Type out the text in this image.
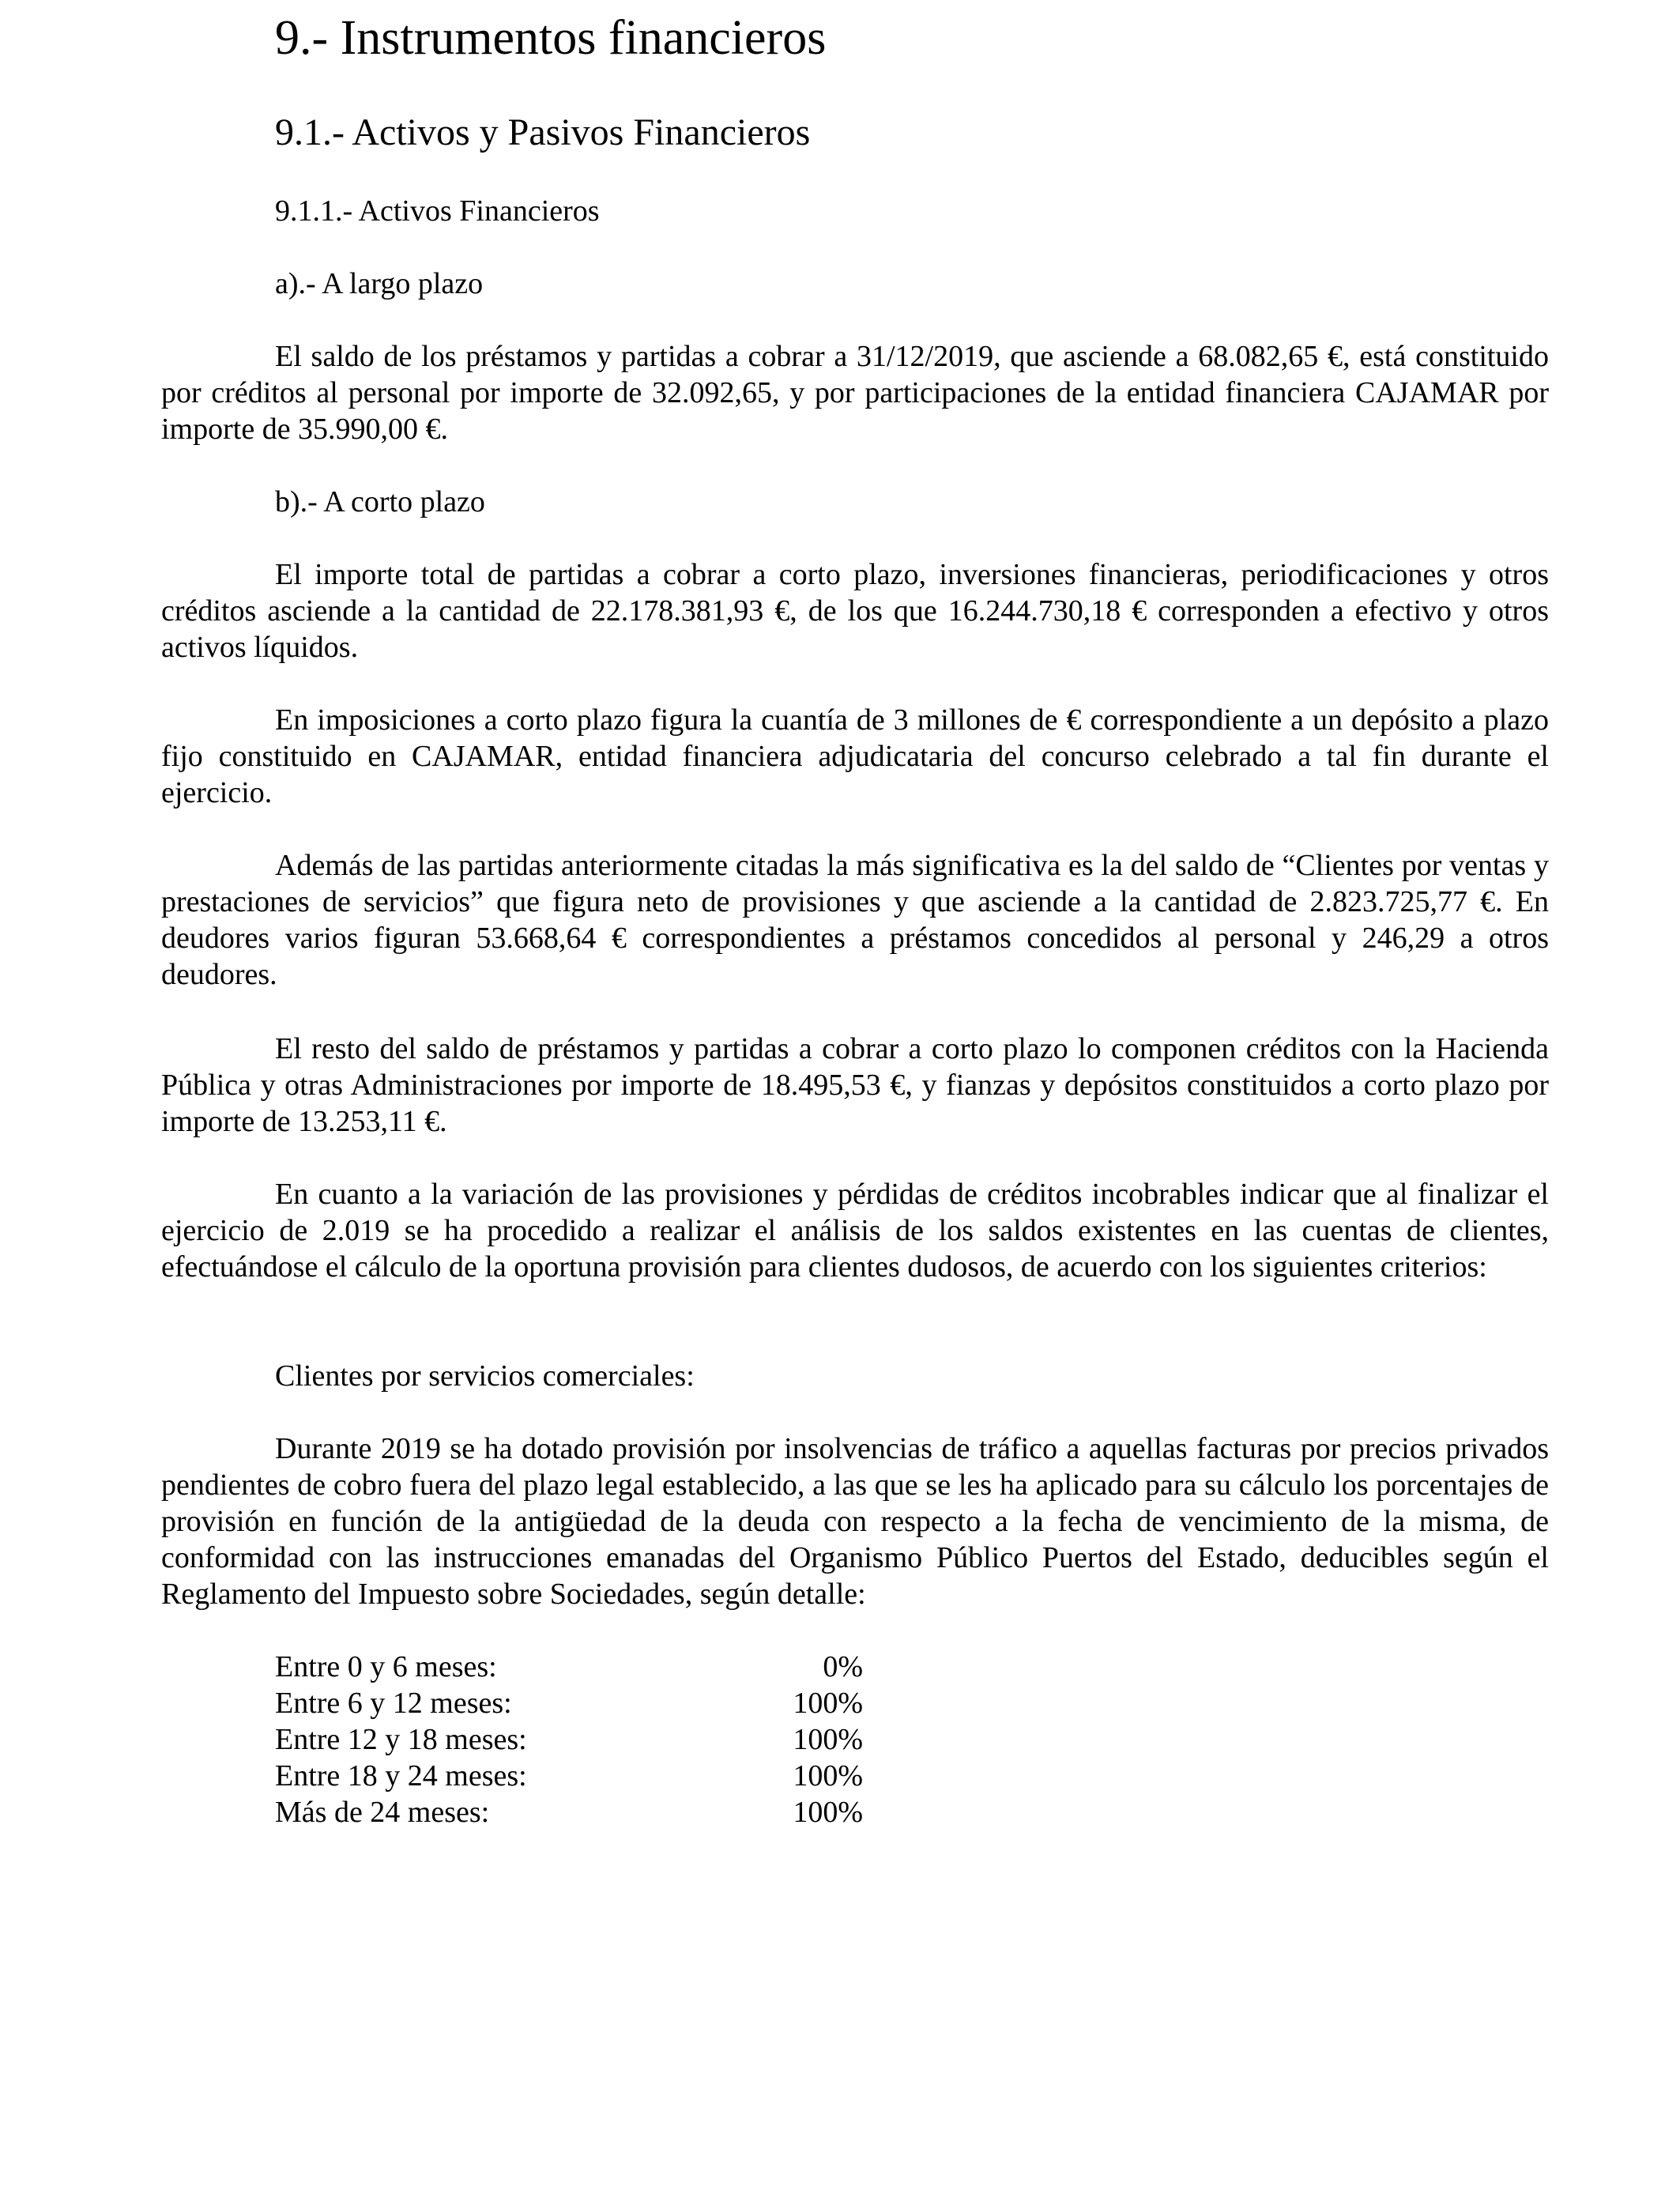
9.- Instrumentos financieros
9.1.- Activos y Pasivos Financieros

9.1.1.- Activos Financieros

a).- A largo plazo

El saldo de los préstamos y partidas a cobrar a 31/12/2019, que asciende a 68.082,65 €, está constituido por créditos al personal por importe de 32.092,65, y por participaciones de la entidad financiera CAJAMAR por importe de 35.990,00 €.

b).- A corto plazo

El importe total de partidas a cobrar a corto plazo, inversiones financieras, periodificaciones y otros créditos asciende a la cantidad de 22.178.381,93 €, de los que 16.244.730,18 € corresponden a efectivo y otros activos líquidos.

En imposiciones a corto plazo figura la cuantía de 3 millones de € correspondiente a un depósito a plazo fijo constituido en CAJAMAR, entidad financiera adjudicataria del concurso celebrado a tal fin durante el ejercicio.

Además de las partidas anteriormente citadas la más significativa es la del saldo de “Clientes por ventas y prestaciones de servicios” que figura neto de provisiones y que asciende a la cantidad de 2.823.725,77 €. En deudores varios figuran 53.668,64 € correspondientes a préstamos concedidos al personal y 246,29 a otros deudores.

El resto del saldo de préstamos y partidas a cobrar a corto plazo lo componen créditos con la Hacienda Pública y otras Administraciones por importe de 18.495,53 €, y fianzas y depósitos constituidos a corto plazo por importe de 13.253,11 €.

En cuanto a la variación de las provisiones y pérdidas de créditos incobrables indicar que al finalizar el ejercicio de 2.019 se ha procedido a realizar el análisis de los saldos existentes en las cuentas de clientes, efectuándose el cálculo de la oportuna provisión para clientes dudosos, de acuerdo con los siguientes criterios:

Clientes por servicios comerciales:

Durante 2019 se ha dotado provisión por insolvencias de tráfico a aquellas facturas por precios privados pendientes de cobro fuera del plazo legal establecido, a las que se les ha aplicado para su cálculo los porcentajes de provisión en función de la antigüedad de la deuda con respecto a la fecha de vencimiento de la misma, de conformidad con las instrucciones emanadas del Organismo Público Puertos del Estado, deducibles según el Reglamento del Impuesto sobre Sociedades, según detalle:

Entre 0 y 6 meses:	0%
Entre 6 y 12 meses:	100%
Entre 12 y 18 meses:	100%
Entre 18 y 24 meses:	100%
Más de 24 meses:	100%
